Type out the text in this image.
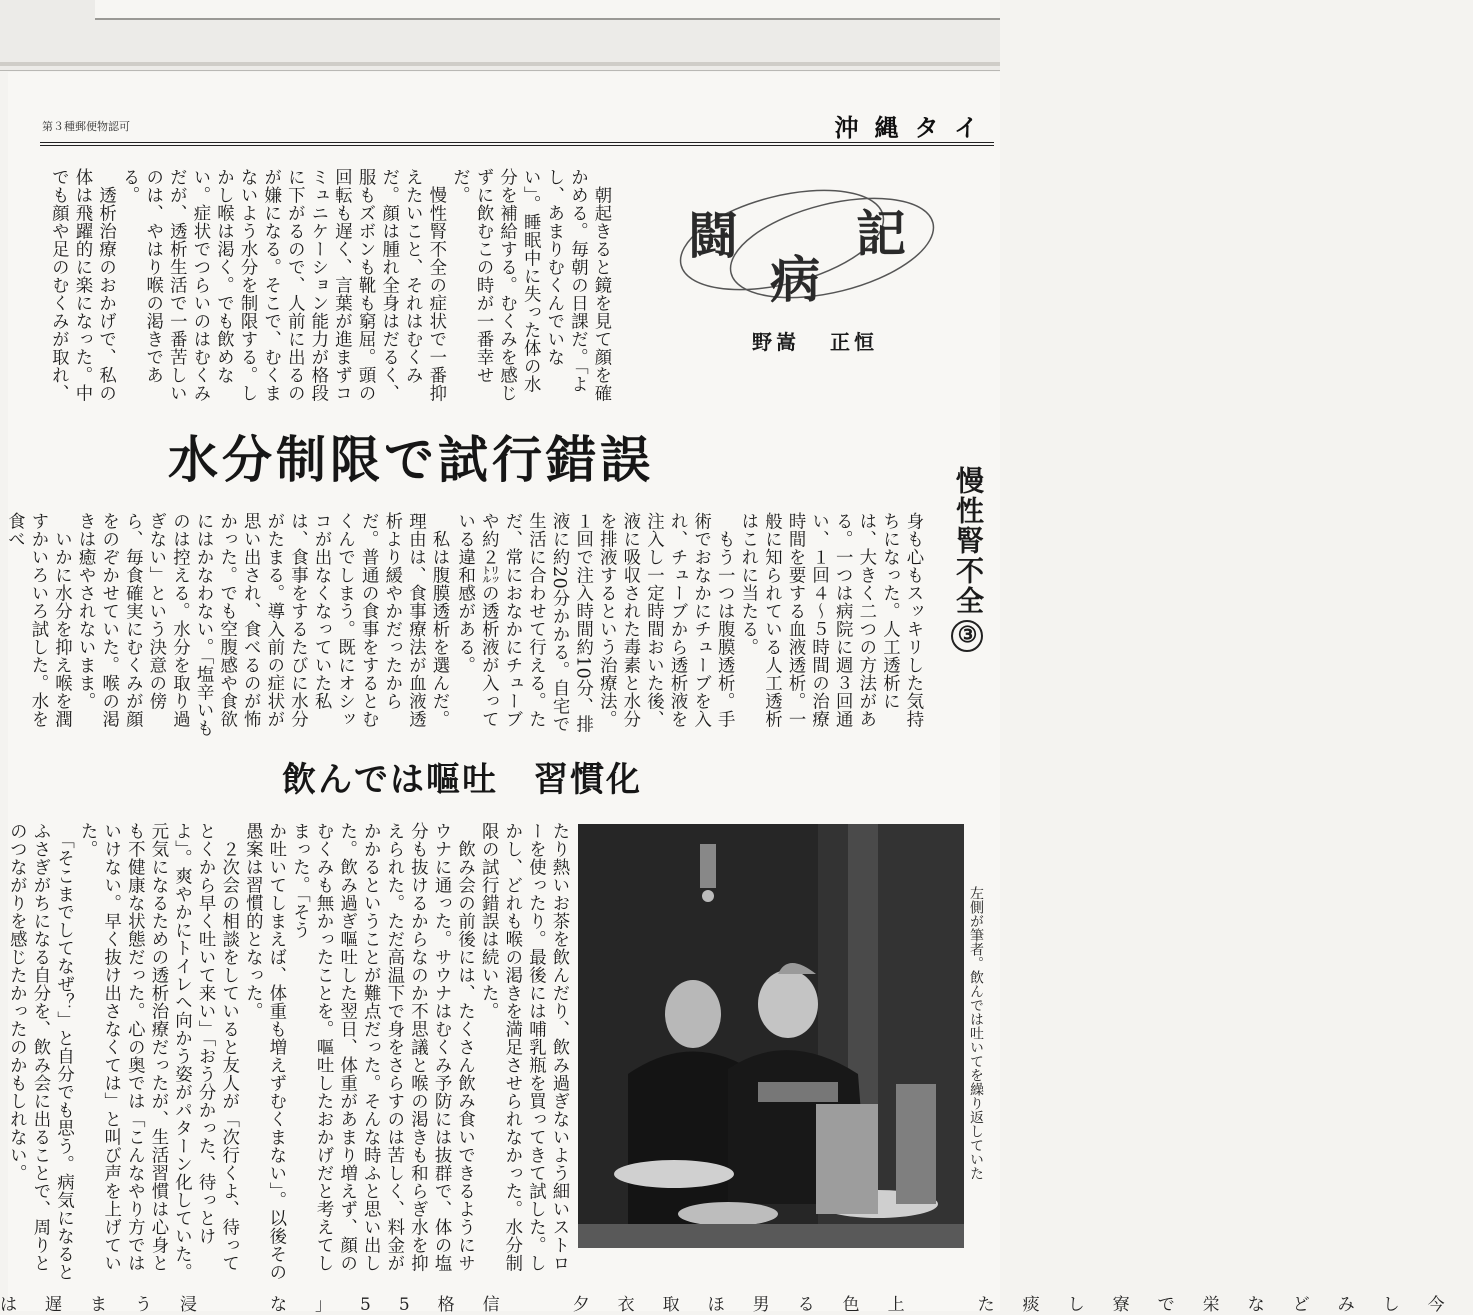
第３種郵便物認可	沖縄タイ
闘
病
記
野嵩 正恒
　朝起きると鏡を見て顔を確かめる。毎朝の日課だ。「よし、あまりむくんでいない」。睡眠中に失った体の水分を補給する。むくみを感じずに飲むこの時が一番幸せだ。
　慢性腎不全の症状で一番抑えたいこと、それはむくみだ。顔は腫れ全身はだるく、服もズボンも靴も窮屈。頭の回転も遅く、言葉が進まずコミュニケーション能力が格段に下がるので、人前に出るのが嫌になる。そこで、むくまないよう水分を制限する。しかし喉は渇く。でも飲めない。症状でつらいのはむくみだが、透析生活で一番苦しいのは、やはり喉の渇きである。
　透析治療のおかげで、私の体は飛躍的に楽になった。中でも顔や足のむくみが取れ、
水分制限で試行錯誤
慢性腎不全③
身も心もスッキリした気持ちになった。人工透析には、大きく二つの方法がある。一つは病院に週３回通い、１回４〜５時間の治療時間を要する血液透析。一般に知られている人工透析はこれに当たる。
　もう一つは腹膜透析。手術でおなかにチューブを入れ、チューブから透析液を注入し一定時間おいた後、液に吸収された毒素と水分を排液するという治療法。１回で注入時間約10分、排液に約20分かかる。自宅で生活に合わせて行える。ただ、常におなかにチューブや約２㍑の透析液が入っている違和感がある。
　私は腹膜透析を選んだ。理由は、食事療法が血液透析より緩やかだったからだ。普通の食事をするとむくんでしまう。既にオシッコが出なくなっていた私は、食事をするたびに水分がたまる。導入前の症状が思い出され、食べるのが怖かった。でも空腹感や食欲にはかなわない。「塩辛いものは控える。水分を取り過ぎない」という決意の傍ら、毎食確実にむくみが顔をのぞかせていた。喉の渇きは癒やされないまま。
　いかに水分を抑え喉を潤すかいろいろ試した。水を食べ
飲んでは嘔吐　習慣化
たり熱いお茶を飲んだり、飲み過ぎないよう細いストローを使ったり。最後には哺乳瓶を買ってきて試した。しかし、どれも喉の渇きを満足させられなかった。水分制限の試行錯誤は続いた。
　飲み会の前後には、たくさん飲み食いできるようにサウナに通った。サウナはむくみ予防には抜群で、体の塩分も抜けるからなのか不思議と喉の渇きも和らぎ水を抑えられた。ただ高温下で身をさらすのは苦しく、料金がかかるということが難点だった。そんな時ふと思い出した。飲み過ぎ嘔吐した翌日、体重があまり増えず、顔のむくみも無かったことを。嘔吐したおかげだと考えてしまった。「そう
か吐いてしまえば、体重も増えずむくまない」。以後その愚案は習慣的となった。
　２次会の相談をしていると友人が「次行くよ、待ってとくから早く吐いて来い」「おう分かった、待っとけよ」。爽やかにトイレへ向かう姿がパターン化していた。元気になるための透析治療だったが、生活習慣は心身とも不健康な状態だった。心の奥では「こんなやり方ではいけない。早く抜け出さなくては」と叫び声を上げていた。
　「そこまでしてなぜ？」と自分でも思う。病気になるとふさぎがちになる自分を、飲み会に出ることで、周りとのつながりを感じたかったのかもしれない。	左側が筆者。飲んでは吐いてを繰り返していた
は遅まう浸　な」55格信　夕衣取ほ男る色上　た痰し寮で栄などみし今
